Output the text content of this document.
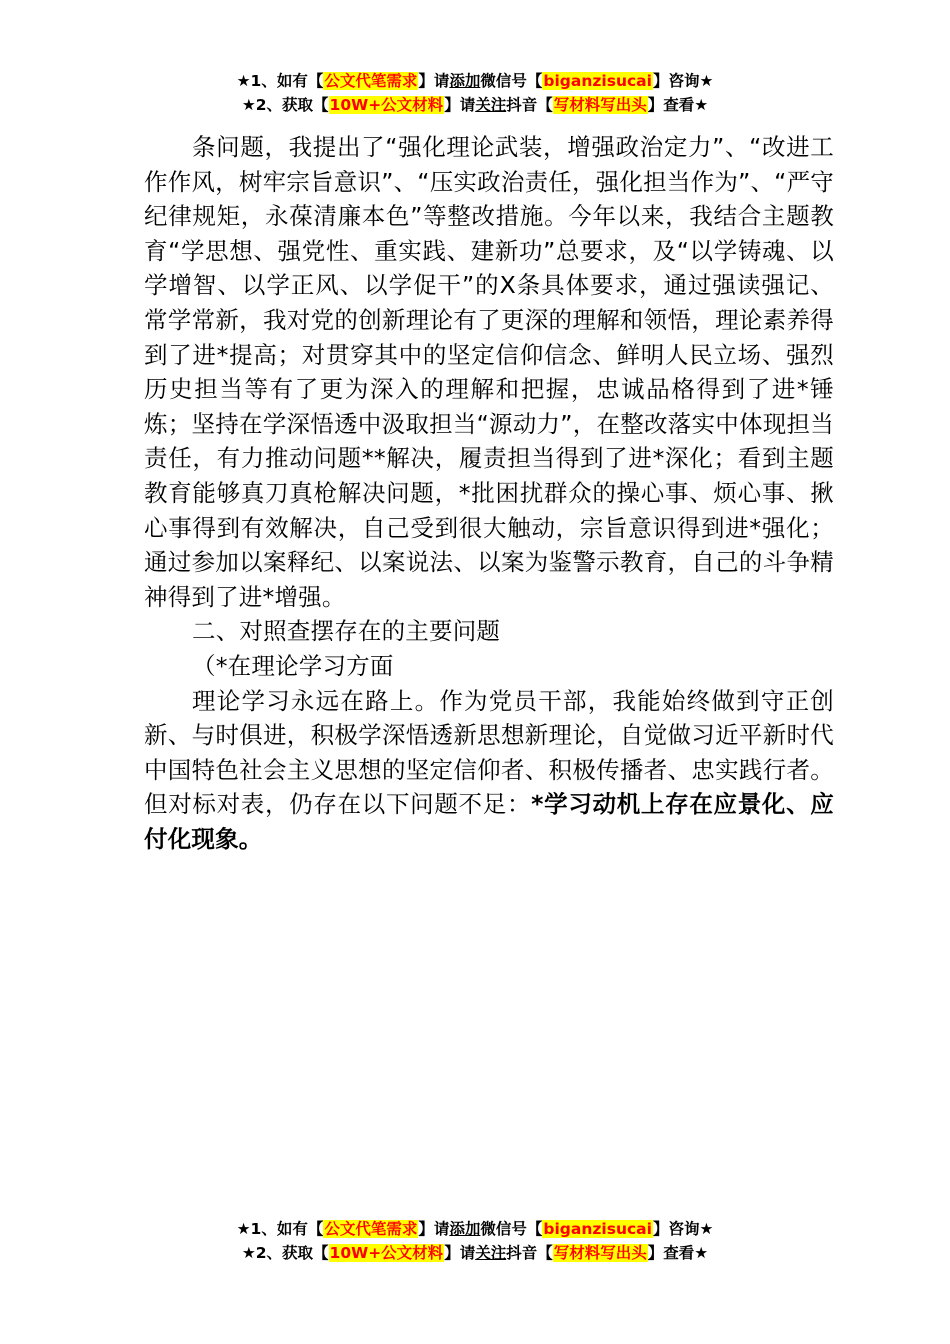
★1、如有【公文代笔需求】请添加微信号【biganzisucai】咨询★
★2、获取【10W+公文材料】请关注抖音【写材料写出头】查看★

条问题，我提出了“强化理论武装，增强政治定力”、“改进工作作风，树牢宗旨意识”、“压实政治责任，强化担当作为”、“严守纪律规矩，永葆清廉本色”等整改措施。今年以来，我结合主题教育“学思想、强党性、重实践、建新功”总要求，及“以学铸魂、以学增智、以学正风、以学促干”的X条具体要求，通过强读强记、常学常新，我对党的创新理论有了更深的理解和领悟，理论素养得到了进*提高；对贯穿其中的坚定信仰信念、鲜明人民立场、强烈历史担当等有了更为深入的理解和把握，忠诚品格得到了进*锤炼；坚持在学深悟透中汲取担当“源动力”，在整改落实中体现担当责任，有力推动问题**解决，履责担当得到了进*深化；看到主题教育能够真刀真枪解决问题，*批困扰群众的操心事、烦心事、揪心事得到有效解决，自己受到很大触动，宗旨意识得到进*强化；通过参加以案释纪、以案说法、以案为鉴警示教育，自己的斗争精神得到了进*增强。

二、对照查摆存在的主要问题

（*在理论学习方面

理论学习永远在路上。作为党员干部，我能始终做到守正创新、与时俱进，积极学深悟透新思想新理论，自觉做习近平新时代中国特色社会主义思想的坚定信仰者、积极传播者、忠实践行者。但对标对表，仍存在以下问题不足：*学习动机上存在应景化、应付化现象。

★1、如有【公文代笔需求】请添加微信号【biganzisucai】咨询★
★2、获取【10W+公文材料】请关注抖音【写材料写出头】查看★
